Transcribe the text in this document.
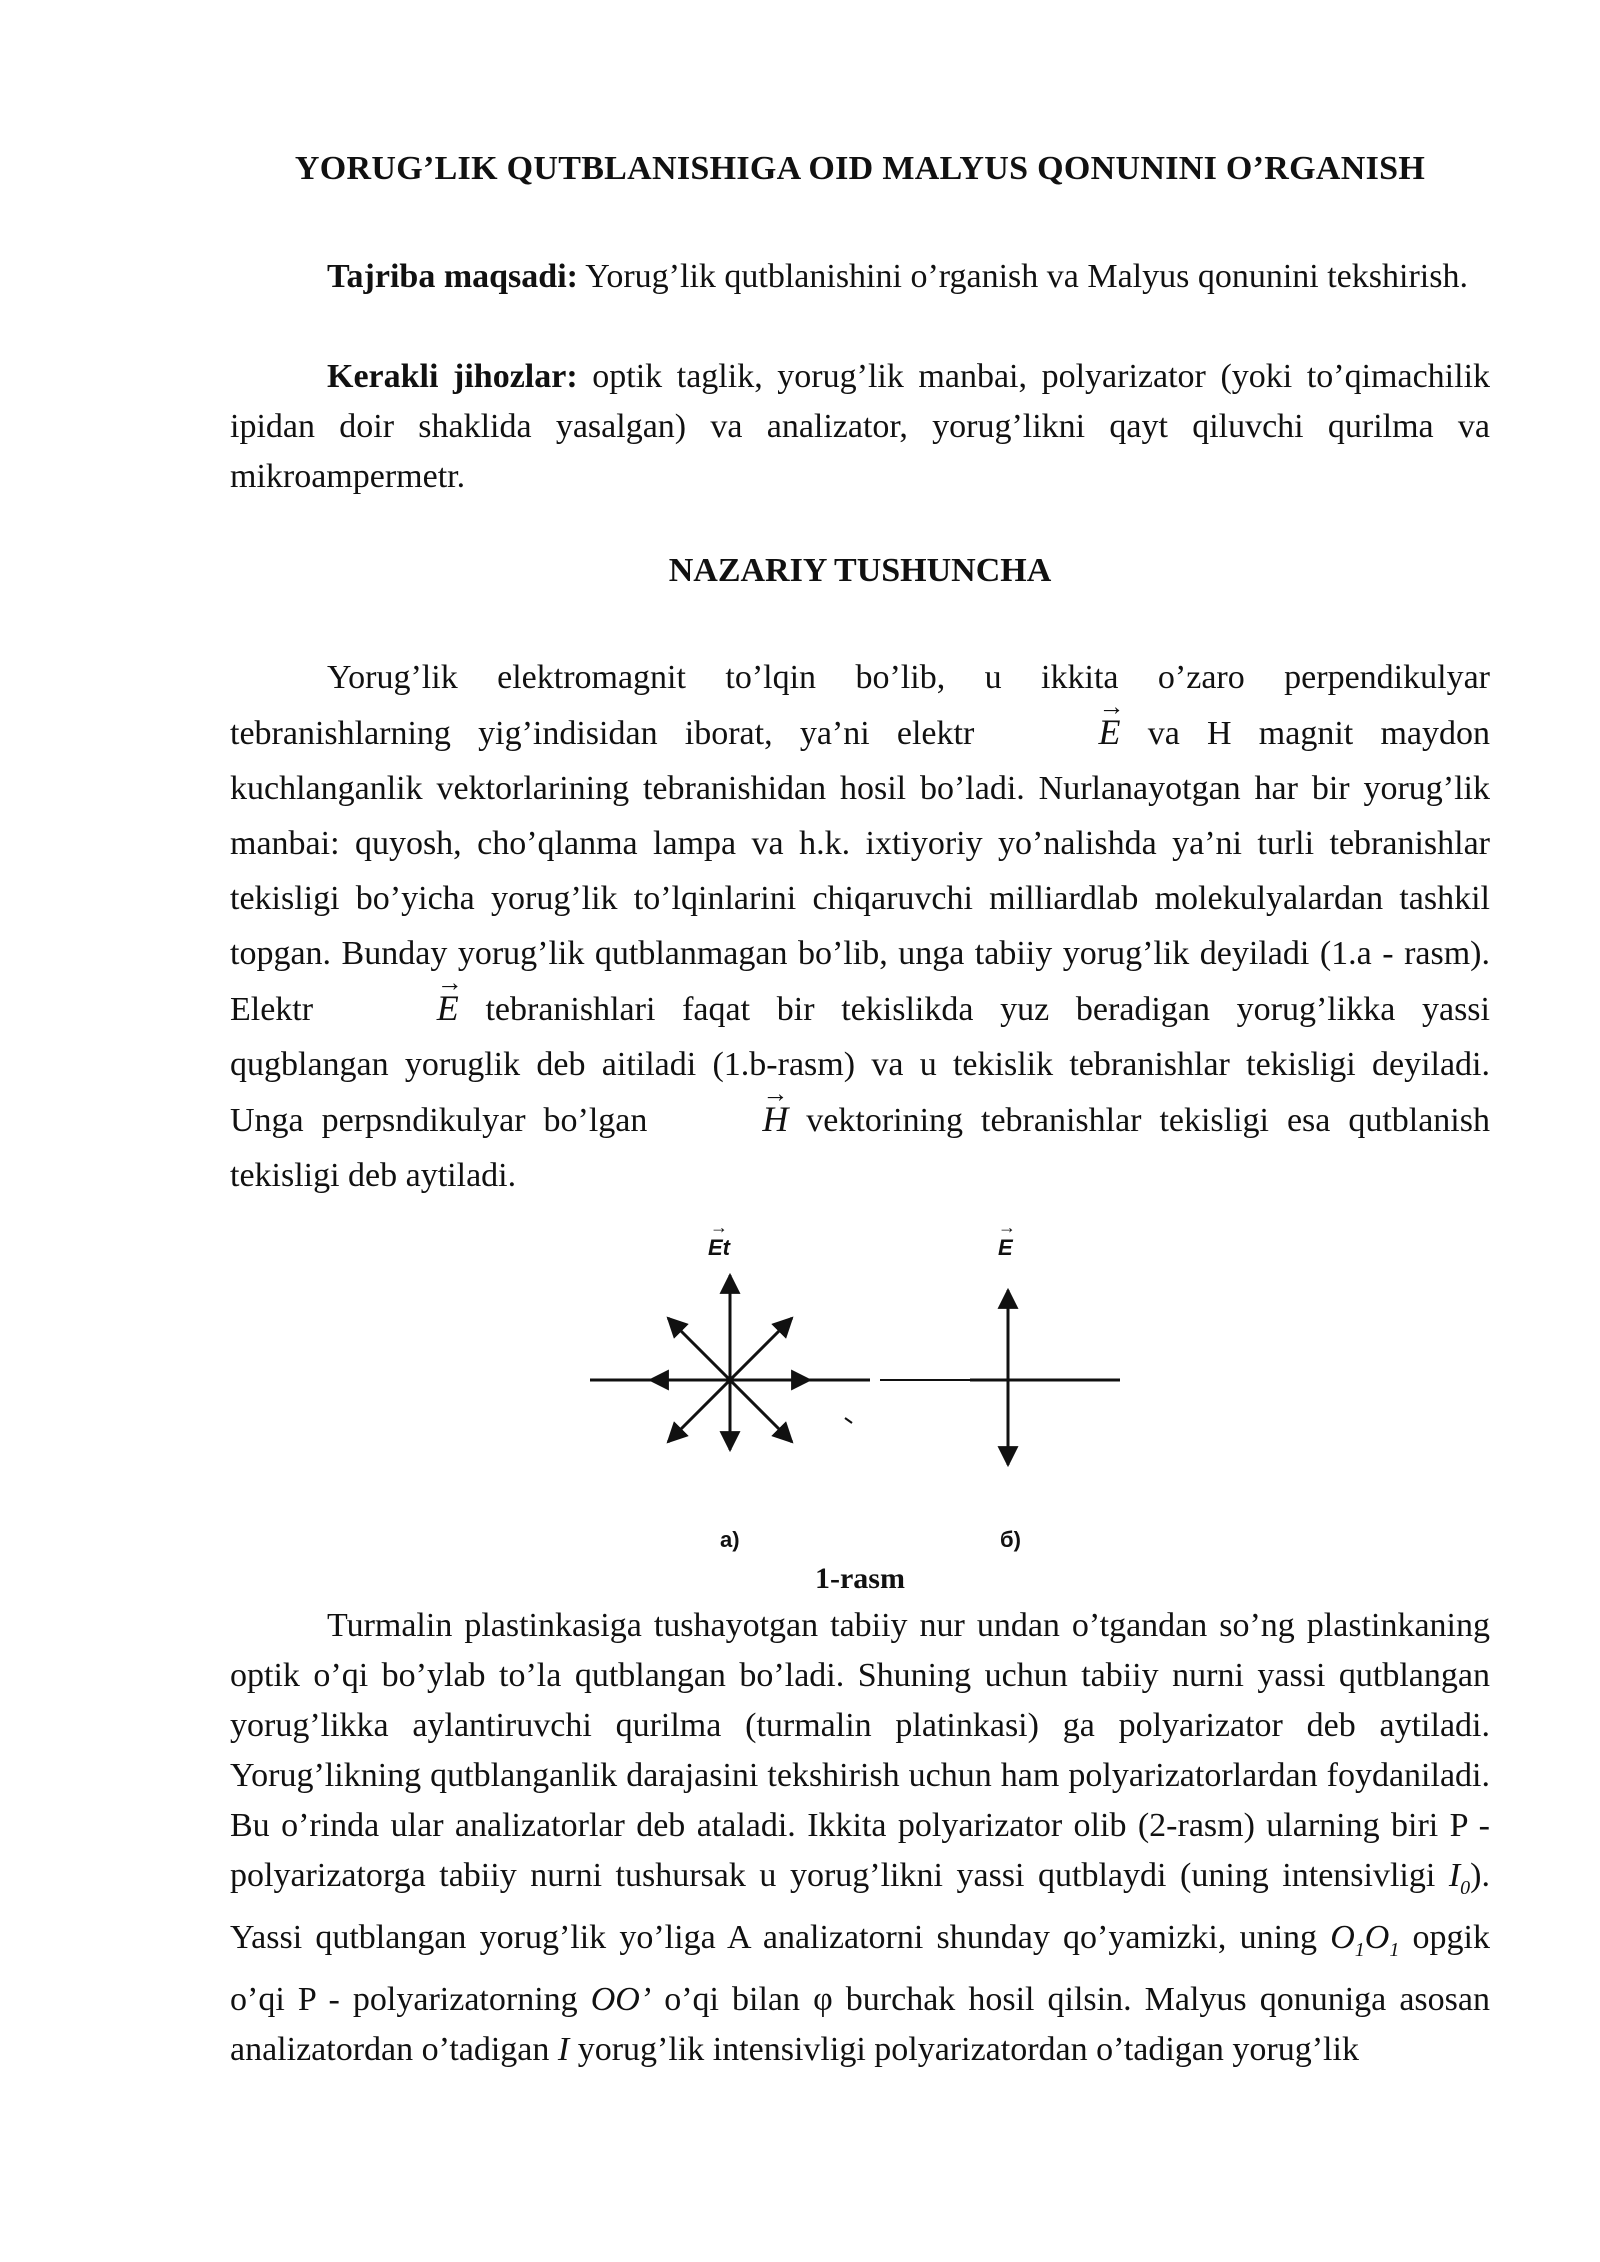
YORUG’LIK QUTBLANISHIGA OID MALYUS QONUNINI O’RGANISH
Tajriba maqsadi: Yorug’lik qutblanishini o’rganish va Malyus qonunini tekshirish.
Kerakli jihozlar: optik taglik, yorug’lik manbai, polyarizator (yoki to’qimachilik ipidan doir shaklida yasalgan) va analizator, yorug’likni qayt qiluvchi qurilma va mikroampermetr.
NAZARIY TUSHUNCHA
Yorug’lik elektromagnit to’lqin bo’lib, u ikkita o’zaro perpendikulyar tebranishlarning yig’indisidan iborat, ya’ni elektr	→ E va H magnit maydon kuchlanganlik vektorlarining tebranishidan hosil bo’ladi. Nurlanayotgan har bir yorug’lik manbai: quyosh, cho’qlanma lampa va h.k. ixtiyoriy yo’nalishda ya’ni turli tebranishlar tekisligi bo’yicha yorug’lik to’lqinlarini chiqaruvchi milliardlab molekulyalardan tashkil topgan. Bunday yorug’lik qutblanmagan bo’lib, unga tabiiy yorug’lik deyiladi (1.a - rasm). Elektr	→ E tebranishlari faqat bir tekislikda yuz beradigan yorug’likka yassi qugblangan yoruglik deb aitiladi (1.b-rasm) va u tekislik tebranishlar tekisligi deyiladi. Unga perpsndikulyar bo’lgan	→ H vektorining tebranishlar tekisligi esa qutblanish tekisligi deb aytiladi.
→
Et
→
E
a)	б)
1-rasm
Turmalin plastinkasiga tushayotgan tabiiy nur undan o’tgandan so’ng plastinkaning optik o’qi bo’ylab to’la qutblangan bo’ladi. Shuning uchun tabiiy nurni yassi qutblangan yorug’likka aylantiruvchi qurilma (turmalin platinkasi) ga polyarizator deb aytiladi. Yorug’likning qutblanganlik darajasini tekshirish uchun ham polyarizatorlardan foydaniladi. Bu o’rinda ular analizatorlar deb ataladi. Ikkita polyarizator olib (2-rasm) ularning biri P - polyarizatorga tabiiy nurni tushursak u yorug’likni yassi qutblaydi (uning intensivligi $I_0$). Yassi qutblangan yorug’lik yo’liga A analizatorni shunday qo’yamizki, uning $O_1O_1$ opgik o’qi P - polyarizatorning OO’ o’qi bilan φ burchak hosil qilsin. Malyus qonuniga asosan analizatordan o’tadigan I yorug’lik intensivligi polyarizatordan o’tadigan yorug’lik
